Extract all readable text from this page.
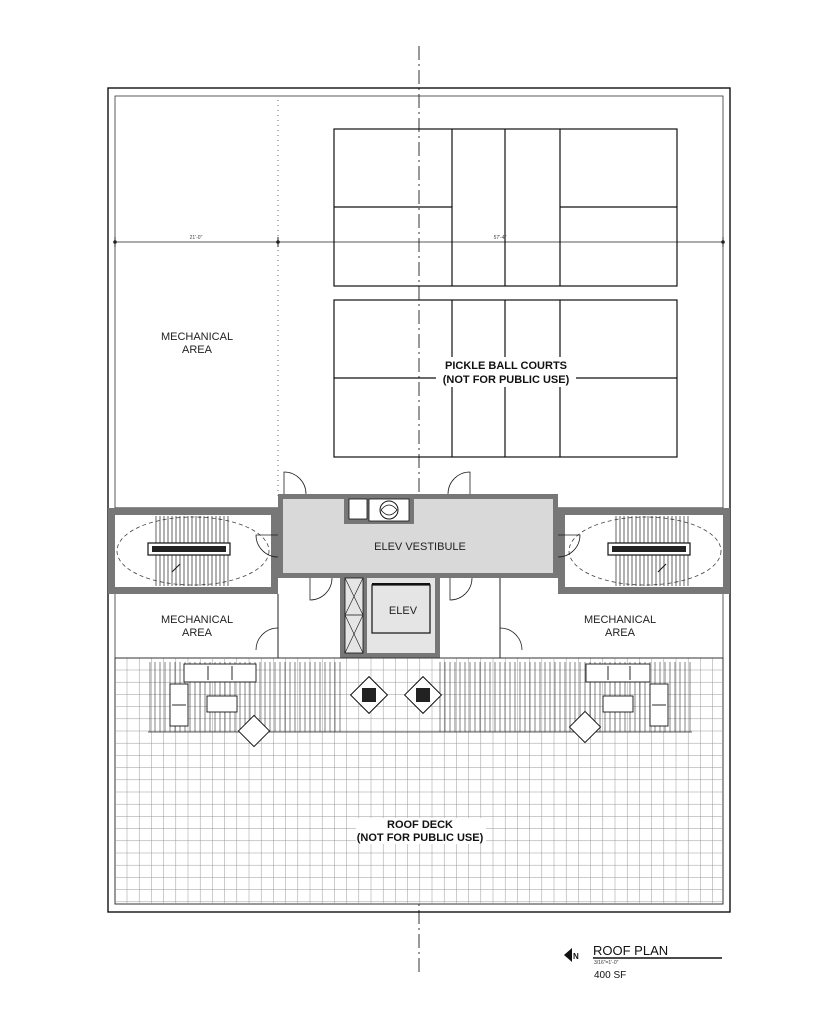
21'-0"	57'-4"
PICKLE BALL COURTS
(NOT FOR PUBLIC USE)
MECHANICAL
AREA
ELEV VESTIBULE
ELEV
MECHANICAL
AREA
MECHANICAL
AREA
ROOF DECK
(NOT FOR PUBLIC USE)
N ROOF PLAN
3/16"=1'-0"
400 SF
